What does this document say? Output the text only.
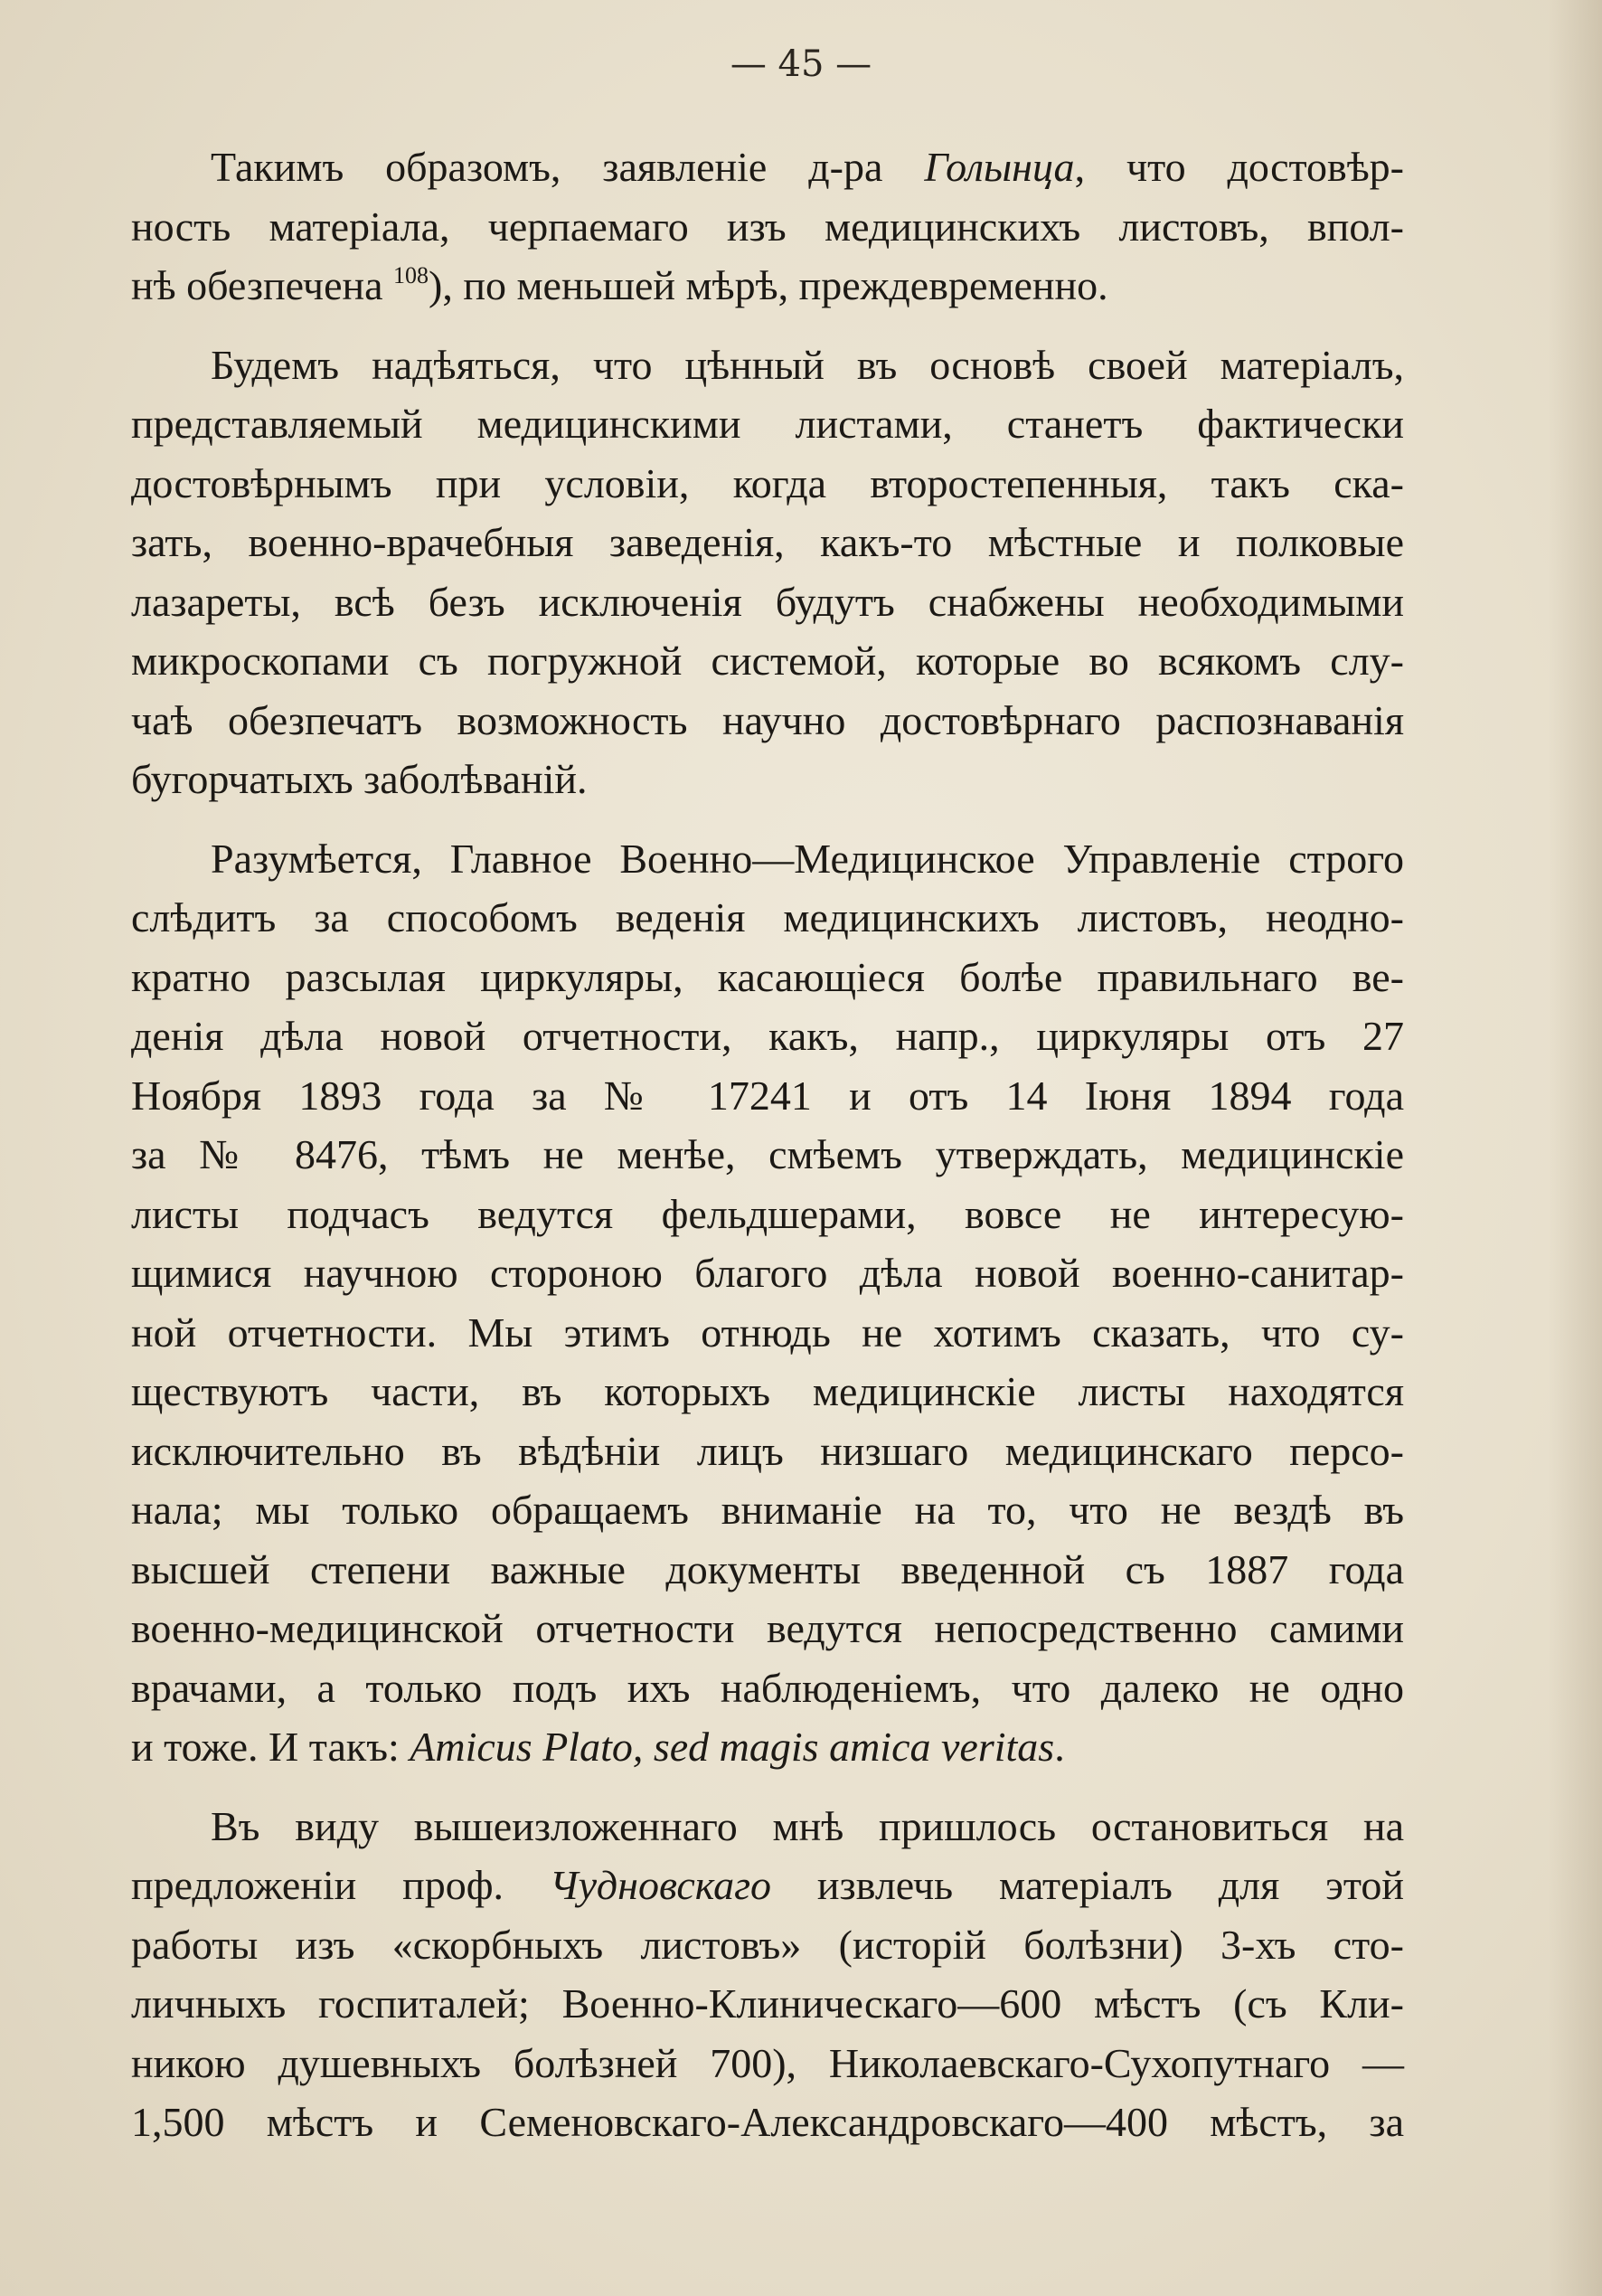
— 45 —
Такимъ образомъ, заявленіе д-ра Голынца, что достовѣр-
ность матеріала, черпаемаго изъ медицинскихъ листовъ, впол-
нѣ обезпечена $^{108}$), по меньшей мѣрѣ, преждевременно.
Будемъ надѣяться, что цѣнный въ основѣ своей матеріалъ,
представляемый медицинскими листами, станетъ фактически
достовѣрнымъ при условіи, когда второстепенныя, такъ ска-
зать, военно-врачебныя заведенія, какъ-то мѣстные и полковые
лазареты, всѣ безъ исключенія будутъ снабжены необходимыми
микроскопами съ погружной системой, которые во всякомъ слу-
чаѣ обезпечатъ возможность научно достовѣрнаго распознаванія
бугорчатыхъ заболѣваній.
Разумѣется, Главное Военно—Медицинское Управленіе строго
слѣдитъ за способомъ веденія медицинскихъ листовъ, неодно-
кратно разсылая циркуляры, касающіеся болѣе правильнаго ве-
денія дѣла новой отчетности, какъ, напр., циркуляры отъ 27
Ноября 1893 года за № 17241 и отъ 14 Іюня 1894 года
за № 8476, тѣмъ не менѣе, смѣемъ утверждать, медицинскіе
листы подчасъ ведутся фельдшерами, вовсе не интересую-
щимися научною стороною благого дѣла новой военно-санитар-
ной отчетности. Мы этимъ отнюдь не хотимъ сказать, что су-
ществуютъ части, въ которыхъ медицинскіе листы находятся
исключительно въ вѣдѣніи лицъ низшаго медицинскаго персо-
нала; мы только обращаемъ вниманіе на то, что не вездѣ въ
высшей степени важные документы введенной съ 1887 года
военно-медицинской отчетности ведутся непосредственно самими
врачами, а только подъ ихъ наблюденіемъ, что далеко не одно
и тоже. И такъ: Amicus Plato, sed magis amica veritas.
Въ виду вышеизложеннаго мнѣ пришлось остановиться на
предложеніи проф. Чудновскаго извлечь матеріалъ для этой
работы изъ «скорбныхъ листовъ» (исторій болѣзни) 3-хъ сто-
личныхъ госпиталей; Военно-Клиническаго—600 мѣстъ (съ Кли-
никою душевныхъ болѣзней 700), Николаевскаго-Сухопутнаго —
1,500 мѣстъ и Семеновскаго-Александровскаго—400 мѣстъ, за
